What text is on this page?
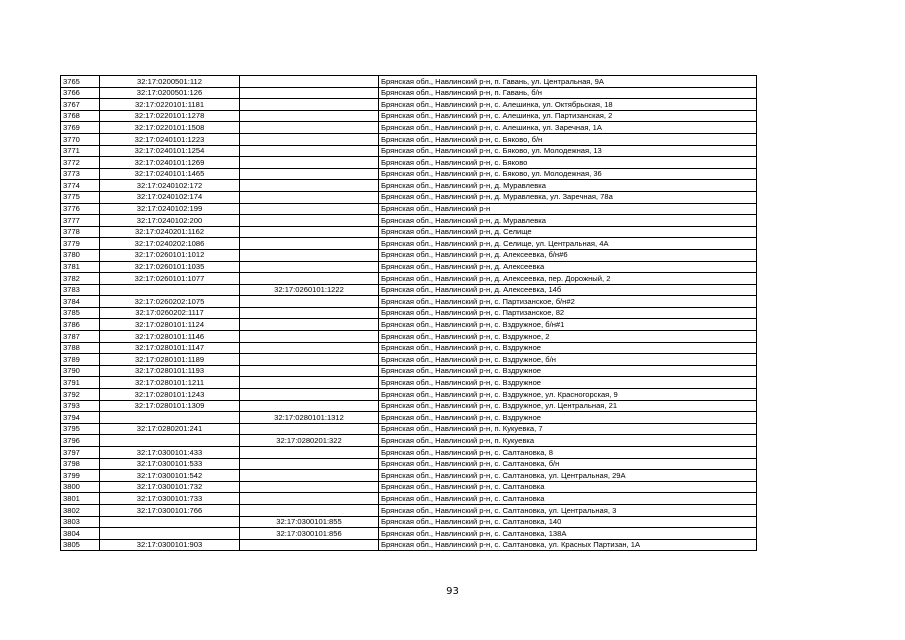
3765	32:17:0200501:112		Брянская обл., Навлинский р-н, п. Гавань, ул. Центральная, 9А
3766	32:17:0200501:126		Брянская обл., Навлинский р-н, п. Гавань, б/н
3767	32:17:0220101:1181		Брянская обл., Навлинский р-н, с. Алешинка, ул. Октябрьская, 18
3768	32:17:0220101:1278		Брянская обл., Навлинский р-н, с. Алешинка, ул. Партизанская, 2
3769	32:17:0220101:1508		Брянская обл., Навлинский р-н, с. Алешинка, ул. Заречная, 1А
3770	32:17:0240101:1223		Брянская обл., Навлинский р-н, с. Бяково, б/н
3771	32:17:0240101:1254		Брянская обл., Навлинский р-н, с. Бяково, ул. Молодежная, 13
3772	32:17:0240101:1269		Брянская обл., Навлинский р-н, с. Бяково
3773	32:17:0240101:1465		Брянская обл., Навлинский р-н, с. Бяково, ул. Молодежная, 36
3774	32:17:0240102:172		Брянская обл., Навлинский р-н, д. Муравлевка
3775	32:17:0240102:174		Брянская обл., Навлинский р-н, д. Муравлевка, ул. Заречная, 78а
3776	32:17:0240102:199		Брянская обл., Навлинский р-н
3777	32:17:0240102:200		Брянская обл., Навлинский р-н, д. Муравлевка
3778	32:17:0240201:1162		Брянская обл., Навлинский р-н, д. Селище
3779	32:17:0240202:1086		Брянская обл., Навлинский р-н, д. Селище, ул. Центральная, 4А
3780	32:17:0260101:1012		Брянская обл., Навлинский р-н, д. Алексеевка, б/н#6
3781	32:17:0260101:1035		Брянская обл., Навлинский р-н, д. Алексеевка
3782	32:17:0260101:1077		Брянская обл., Навлинский р-н, д. Алексеевка, пер. Дорожный, 2
3783		32:17:0260101:1222	Брянская обл., Навлинский р-н, д. Алексеевка, 14б
3784	32:17:0260202:1075		Брянская обл., Навлинский р-н, с. Партизанское, б/н#2
3785	32:17:0260202:1117		Брянская обл., Навлинский р-н, с. Партизанское, 82
3786	32:17:0280101:1124		Брянская обл., Навлинский р-н, с. Вздружное, б/н#1
3787	32:17:0280101:1146		Брянская обл., Навлинский р-н, с. Вздружное, 2
3788	32:17:0280101:1147		Брянская обл., Навлинский р-н, с. Вздружное
3789	32:17:0280101:1189		Брянская обл., Навлинский р-н, с. Вздружное, б/н
3790	32:17:0280101:1193		Брянская обл., Навлинский р-н, с. Вздружное
3791	32:17:0280101:1211		Брянская обл., Навлинский р-н, с. Вздружное
3792	32:17:0280101:1243		Брянская обл., Навлинский р-н, с. Вздружное, ул. Красногорская, 9
3793	32:17:0280101:1309		Брянская обл., Навлинский р-н, с. Вздружное, ул. Центральная, 21
3794		32:17:0280101:1312	Брянская обл., Навлинский р-н, с. Вздружное
3795	32:17:0280201:241		Брянская обл., Навлинский р-н, п. Кукуевка, 7
3796		32:17:0280201:322	Брянская обл., Навлинский р-н, п. Кукуевка
3797	32:17:0300101:433		Брянская обл., Навлинский р-н, с. Салтановка, 8
3798	32:17:0300101:533		Брянская обл., Навлинский р-н, с. Салтановка, б/н
3799	32:17:0300101:542		Брянская обл., Навлинский р-н, с. Салтановка, ул. Центральная, 29А
3800	32:17:0300101:732		Брянская обл., Навлинский р-н, с. Салтановка
3801	32:17:0300101:733		Брянская обл., Навлинский р-н, с. Салтановка
3802	32:17:0300101:766		Брянская обл., Навлинский р-н, с. Салтановка, ул. Центральная, 3
3803		32:17:0300101:855	Брянская обл., Навлинский р-н, с. Салтановка, 140
3804		32:17:0300101:856	Брянская обл., Навлинский р-н, с. Салтановка, 138А
3805	32:17:0300101:903		Брянская обл., Навлинский р-н, с. Салтановка, ул. Красных Партизан, 1А
93
